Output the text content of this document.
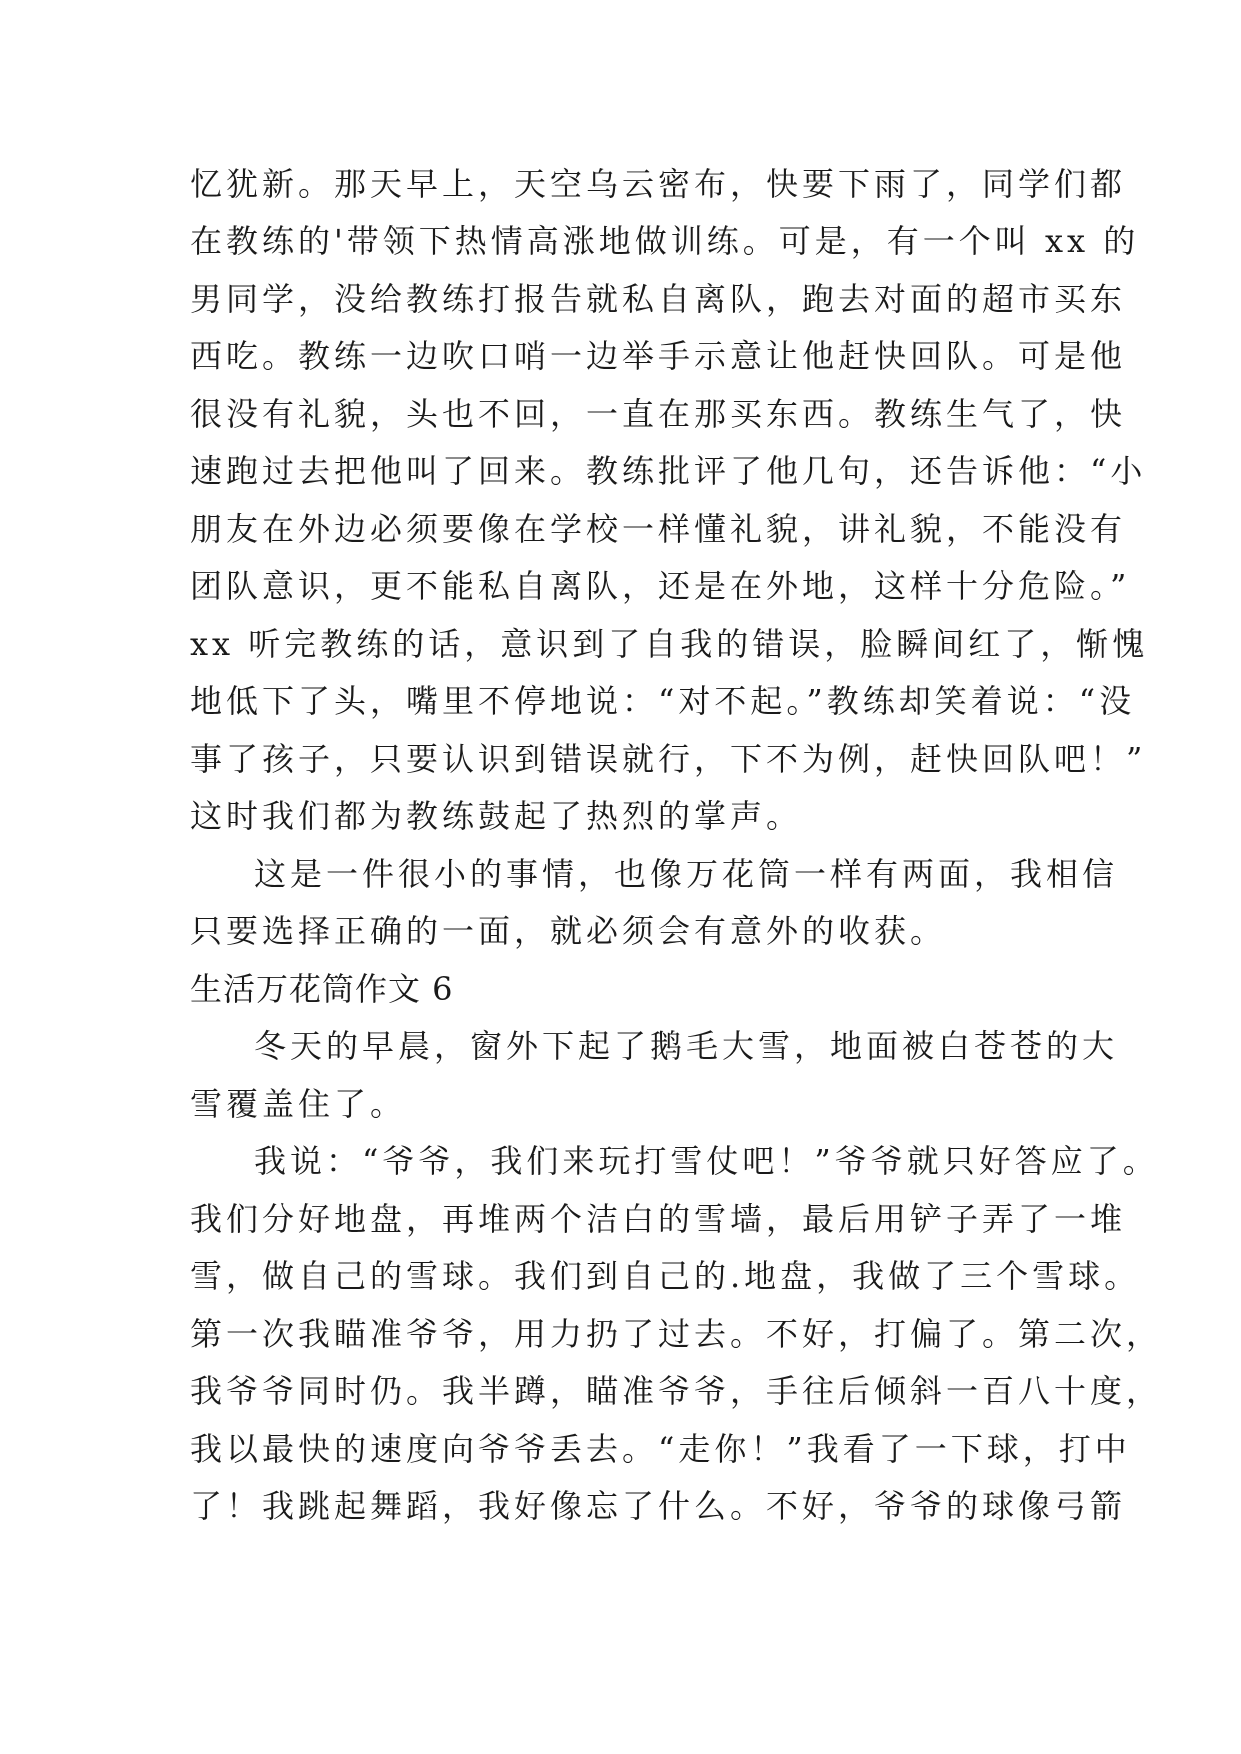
忆犹新。那天早上，天空乌云密布，快要下雨了，同学们都
在教练的'带领下热情高涨地做训练。可是，有一个叫 xx 的
男同学，没给教练打报告就私自离队，跑去对面的超市买东
西吃。教练一边吹口哨一边举手示意让他赶快回队。可是他
很没有礼貌，头也不回，一直在那买东西。教练生气了，快
速跑过去把他叫了回来。教练批评了他几句，还告诉他：“小
朋友在外边必须要像在学校一样懂礼貌，讲礼貌，不能没有
团队意识，更不能私自离队，还是在外地，这样十分危险。”
xx 听完教练的话，意识到了自我的错误，脸瞬间红了，惭愧
地低下了头，嘴里不停地说：“对不起。”教练却笑着说：“没
事了孩子，只要认识到错误就行，下不为例，赶快回队吧！”
这时我们都为教练鼓起了热烈的掌声。
这是一件很小的事情，也像万花筒一样有两面，我相信
只要选择正确的一面，就必须会有意外的收获。
生活万花筒作文 6
冬天的早晨，窗外下起了鹅毛大雪，地面被白苍苍的大
雪覆盖住了。
我说：“爷爷，我们来玩打雪仗吧！”爷爷就只好答应了。
我们分好地盘，再堆两个洁白的雪墙，最后用铲子弄了一堆
雪，做自己的雪球。我们到自己的.地盘，我做了三个雪球。
第一次我瞄准爷爷，用力扔了过去。不好，打偏了。第二次，
我爷爷同时仍。我半蹲，瞄准爷爷，手往后倾斜一百八十度，
我以最快的速度向爷爷丢去。“走你！”我看了一下球，打中
了！我跳起舞蹈，我好像忘了什么。不好，爷爷的球像弓箭
